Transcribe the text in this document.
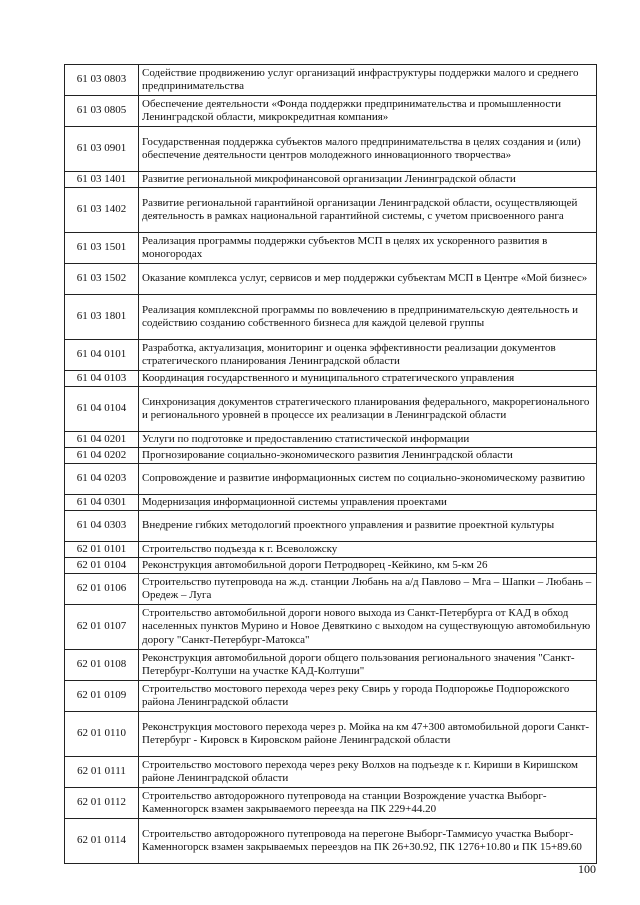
61 03 0803	Содействие продвижению услуг организаций инфраструктуры поддержки малого и среднего предпринимательства
61 03 0805	Обеспечение деятельности «Фонда поддержки предпринимательства и промышленности Ленинградской области, микрокредитная компания»
61 03 0901	Государственная поддержка субъектов малого предпринимательства в целях создания и (или) обеспечение деятельности центров молодежного инновационного творчества»
61 03 1401	Развитие региональной микрофинансовой организации Ленинградской области
61 03 1402	Развитие региональной гарантийной организации Ленинградской области, осуществляющей деятельность в рамках национальной гарантийной системы, с учетом присвоенного ранга
61 03 1501	Реализация программы поддержки субъектов МСП в целях их ускоренного развития в моногородах
61 03 1502	Оказание комплекса услуг, сервисов и мер поддержки субъектам МСП в Центре «Мой бизнес»
61 03 1801	Реализация комплексной программы по вовлечению в предпринимательскую деятельность и содействию созданию собственного бизнеса для каждой целевой группы
61 04 0101	Разработка, актуализация, мониторинг и оценка эффективности реализации документов стратегического планирования Ленинградской области
61 04 0103	Координация государственного и муниципального стратегического управления
61 04 0104	Синхронизация документов стратегического планирования федерального, макрорегионального и регионального уровней в процессе их реализации в Ленинградской области
61 04 0201	Услуги по подготовке и предоставлению статистической информации
61 04 0202	Прогнозирование социально-экономического развития Ленинградской области
61 04 0203	Сопровождение и развитие информационных систем по социально-экономическому развитию
61 04 0301	Модернизация информационной системы управления проектами
61 04 0303	Внедрение гибких методологий проектного управления и развитие проектной культуры
62 01 0101	Строительство подъезда к г. Всеволожску
62 01 0104	Реконструкция автомобильной дороги Петродворец -Кейкино, км 5-км 26
62 01 0106	Строительство путепровода на ж.д. станции Любань на а/д Павлово – Мга – Шапки – Любань – Оредеж – Луга
62 01 0107	Строительство автомобильной дороги нового выхода из Санкт-Петербурга от КАД в обход населенных пунктов Мурино и Новое Девяткино с выходом на существующую автомобильную дорогу "Санкт-Петербург-Матокса"
62 01 0108	Реконструкция автомобильной дороги общего пользования регионального значения "Санкт-Петербург-Колтуши на участке КАД-Колтуши"
62 01 0109	Строительство мостового перехода через реку Свирь у города Подпорожье Подпорожского района Ленинградской области
62 01 0110	Реконструкция мостового перехода через р. Мойка на км 47+300 автомобильной дороги Санкт-Петербург - Кировск в Кировском районе Ленинградской области
62 01 0111	Строительство мостового перехода через реку Волхов на подъезде к г. Кириши в Киришском районе Ленинградской области
62 01 0112	Строительство автодорожного путепровода на станции Возрождение участка Выборг-Каменногорск взамен закрываемого переезда на ПК 229+44.20
62 01 0114	Строительство автодорожного путепровода на перегоне Выборг-Таммисуо участка Выборг-Каменногорск взамен закрываемых переездов на ПК 26+30.92, ПК 1276+10.80 и ПК 15+89.60
100
